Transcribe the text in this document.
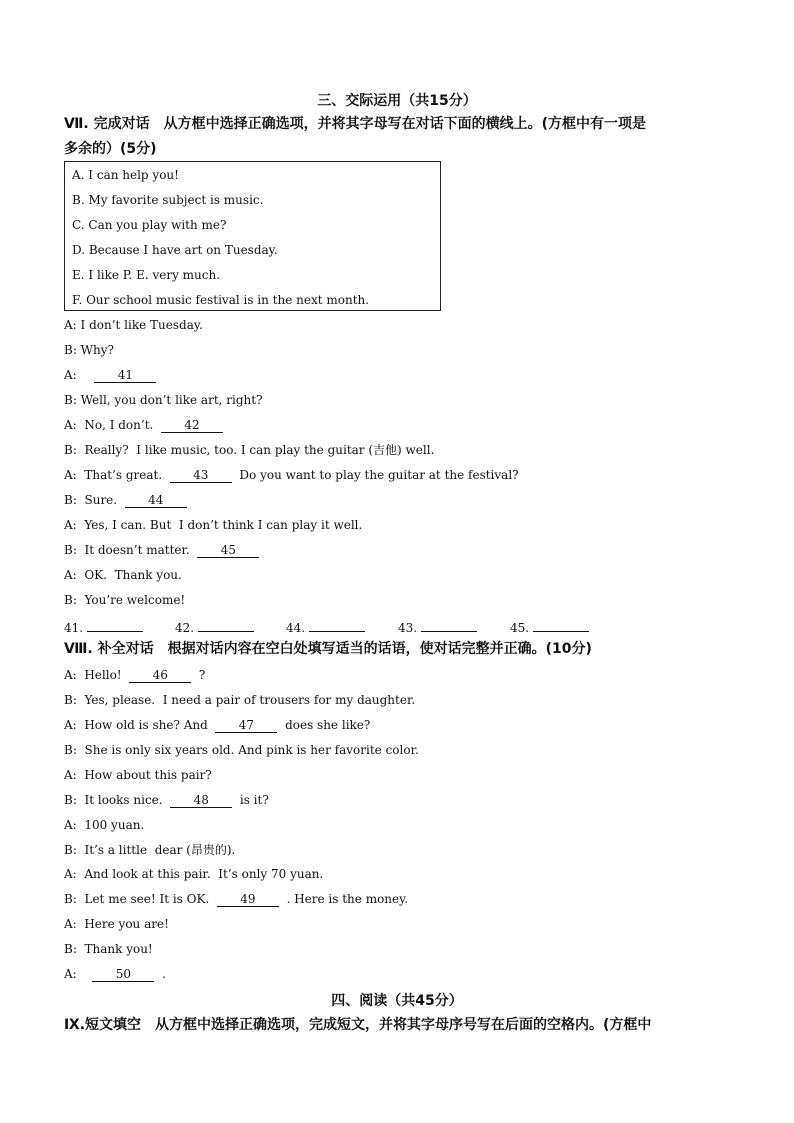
三、交际运用（共15分）
Ⅶ. 完成对话　从方框中选择正确选项，并将其字母写在对话下面的横线上。(方框中有一项是
多余的）(5分)
A. I can help you!
B. My favorite subject is music.
C. Can you play with me?
D. Because I have art on Tuesday.
E. I like P. E. very much.
F. Our school music festival is in the next month.
A: I don’t like Tuesday.
B: Why?
A:	41
B: Well, you don’t like art, right?
A:  No, I don’t.  42
B:  Really?  I like music, too. I can play the guitar (吉他) well.
A:  That’s great.  43  Do you want to play the guitar at the festival?
B:  Sure.  44
A:  Yes, I can. But  I don’t think I can play it well.
B:  It doesn’t matter.  45
A:  OK.  Thank you.
B:  You’re welcome!
41.	42.	44.	43.	45.
Ⅷ. 补全对话　根据对话内容在空白处填写适当的话语，使对话完整并正确。(10分)
A:  Hello!  46  ?
B:  Yes, please.  I need a pair of trousers for my daughter.
A:  How old is she? And  47  does she like?
B:  She is only six years old. And pink is her favorite color.
A:  How about this pair?
B:  It looks nice.  48  is it?
A:  100 yuan.
B:  It’s a little  dear (昂贵的).
A:  And look at this pair.  It’s only 70 yuan.
B:  Let me see! It is OK.  49  . Here is the money.
A:  Here you are!
B:  Thank you!
A:	50  .
四、阅读（共45分）
Ⅸ.短文填空　从方框中选择正确选项，完成短文，并将其字母序号写在后面的空格内。(方框中
